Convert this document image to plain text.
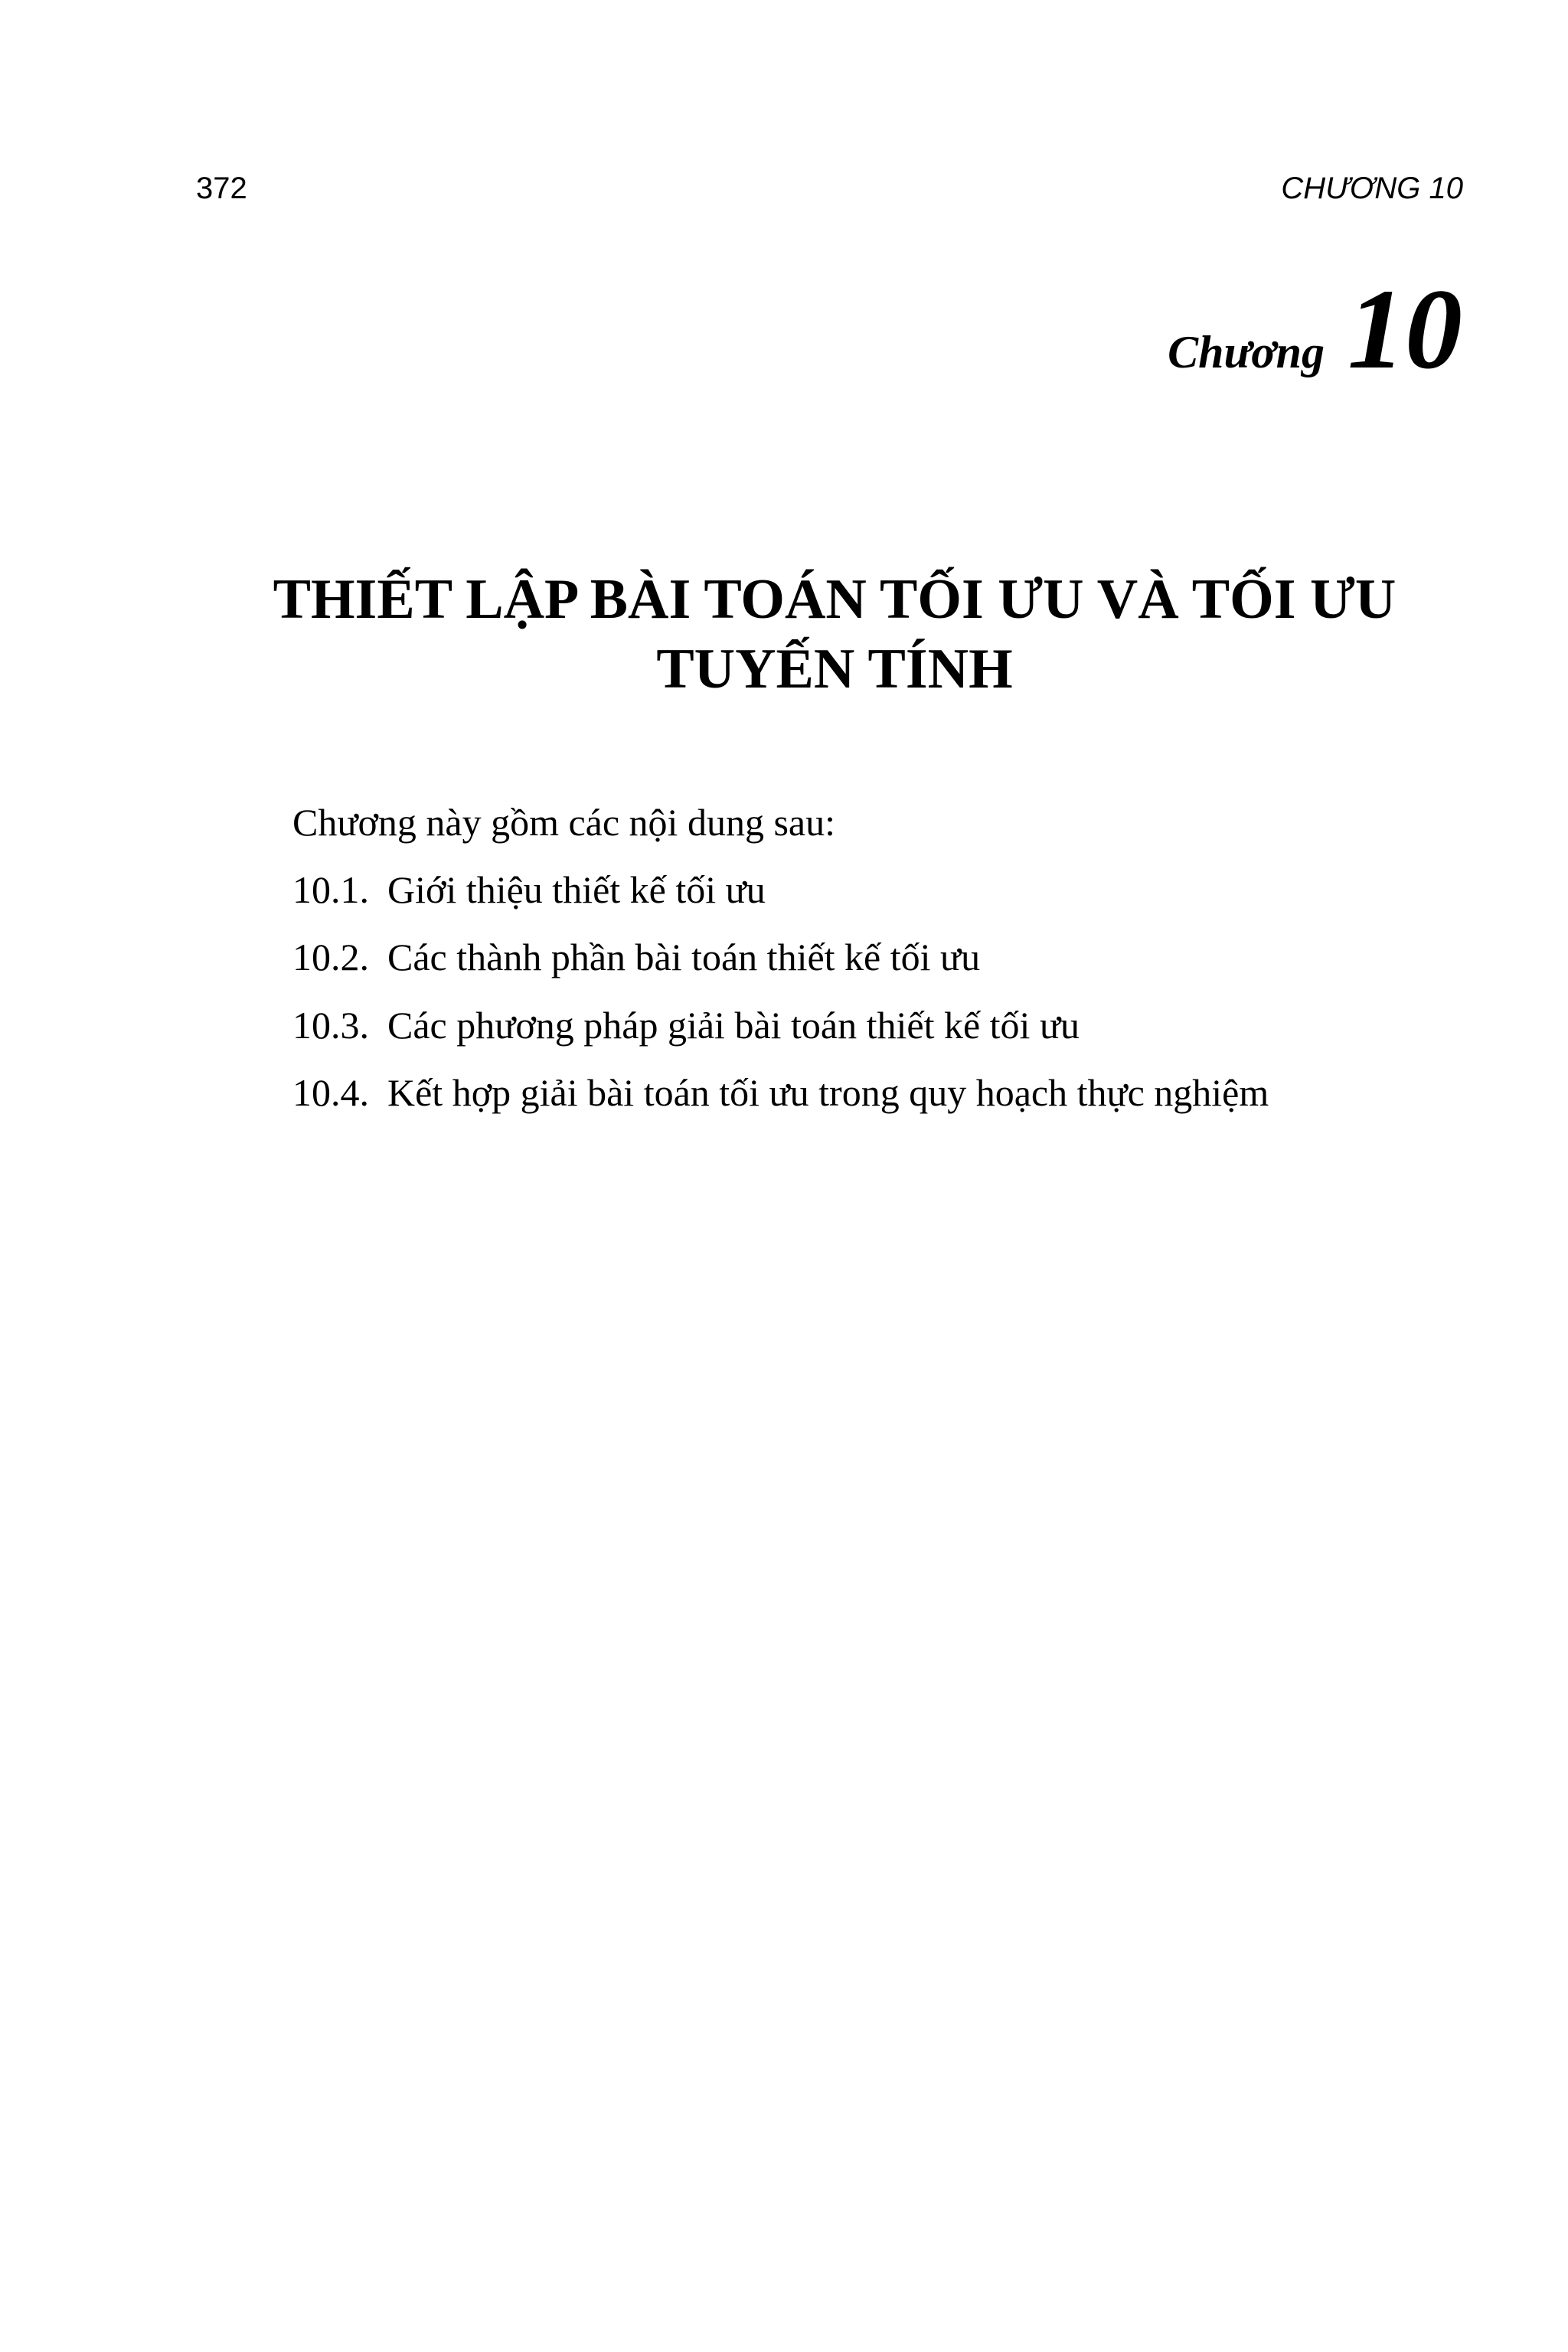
372	CHƯƠNG 10
Chương 10
THIẾT LẬP BÀI TOÁN TỐI ƯU VÀ TỐI ƯU
TUYẾN TÍNH
Chương này gồm các nội dung sau:
10.1. Giới thiệu thiết kế tối ưu
10.2. Các thành phần bài toán thiết kế tối ưu
10.3. Các phương pháp giải bài toán thiết kế tối ưu
10.4. Kết hợp giải bài toán tối ưu trong quy hoạch thực nghiệm
